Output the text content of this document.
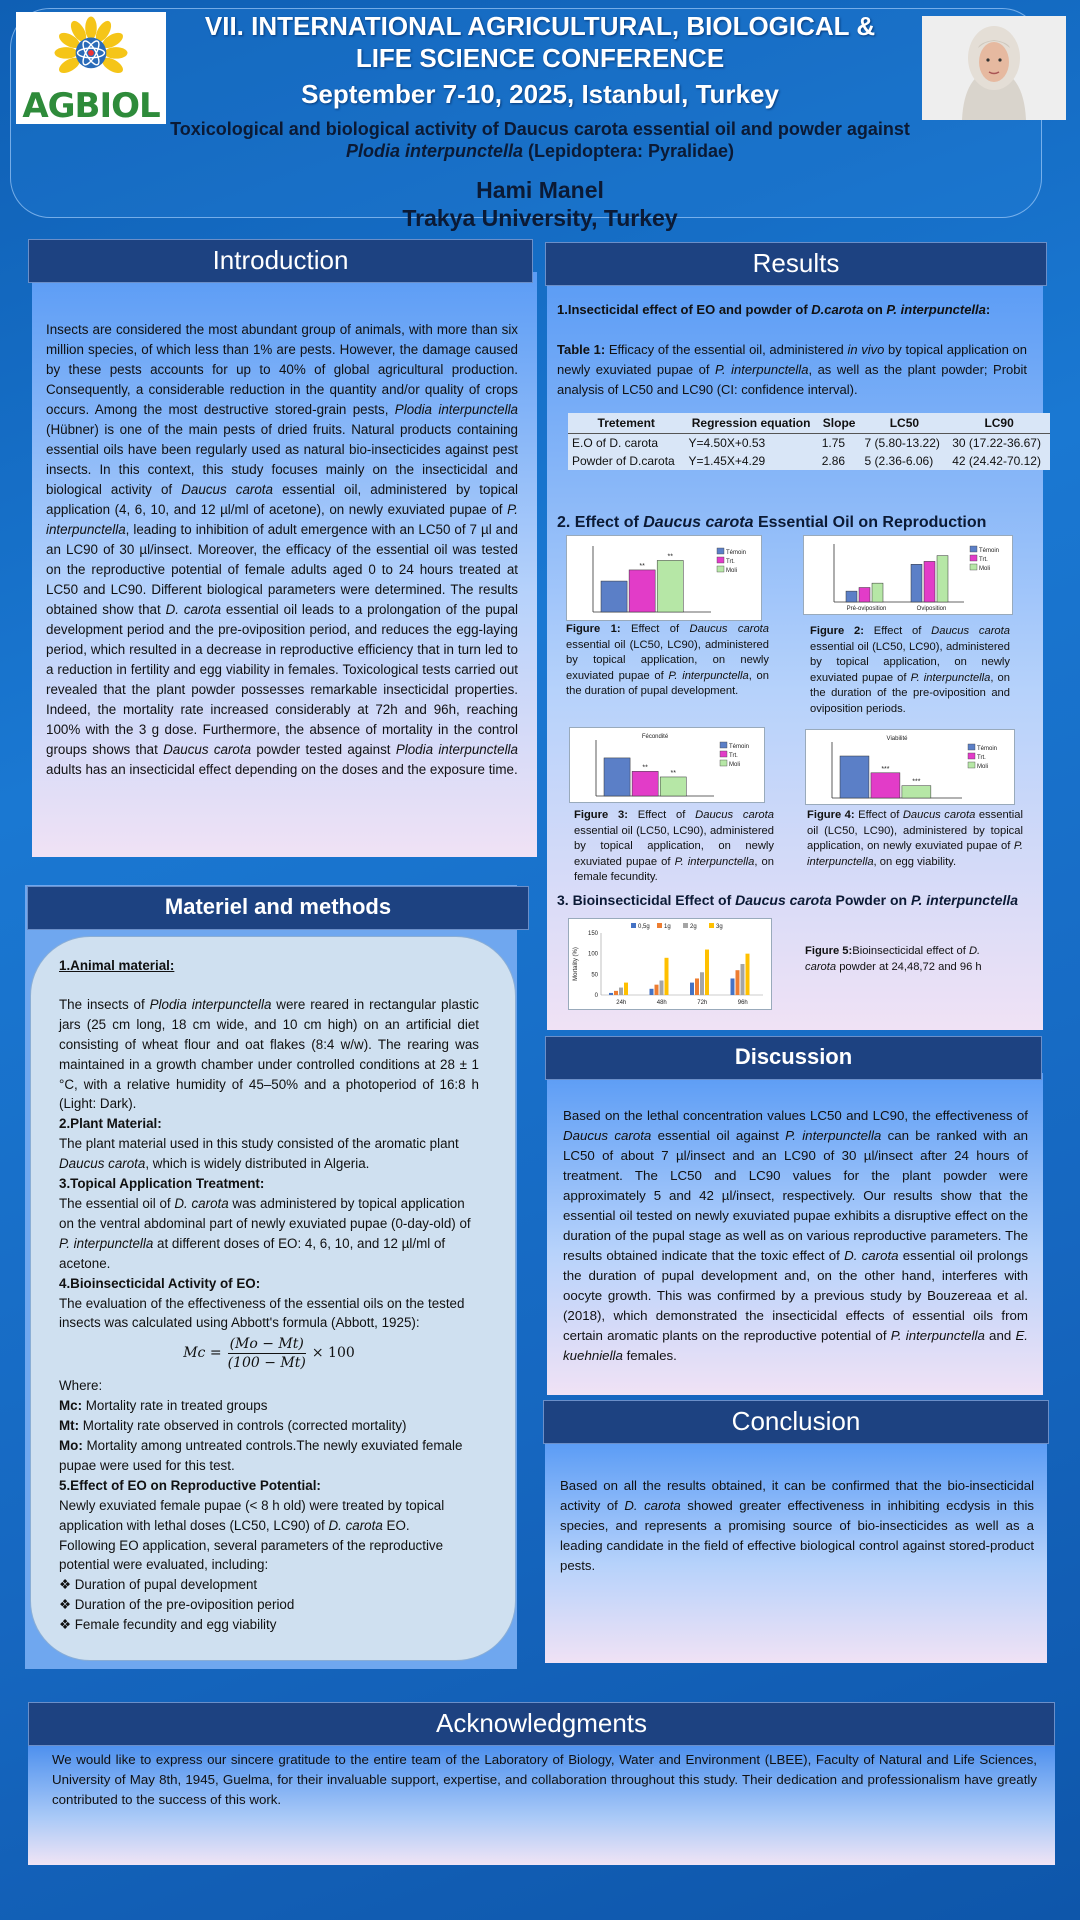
AGBIOL
VII. INTERNATIONAL AGRICULTURAL, BIOLOGICAL &
LIFE SCIENCE CONFERENCE
September 7-10, 2025, Istanbul, Turkey
Toxicological and biological activity of Daucus carota essential oil and powder against
Plodia interpunctella (Lepidoptera: Pyralidae)
Hami Manel
Trakya University, Turkey
Introduction
Insects are considered the most abundant group of animals, with more than six million species, of which less than 1% are pests. However, the damage caused by these pests accounts for up to 40% of global agricultural production. Consequently, a considerable reduction in the quantity and/or quality of crops occurs. Among the most destructive stored-grain pests, Plodia interpunctella (Hübner) is one of the main pests of dried fruits. Natural products containing essential oils have been regularly used as natural bio-insecticides against pest insects. In this context, this study focuses mainly on the insecticidal and biological activity of Daucus carota essential oil, administered by topical application (4, 6, 10, and 12 µl/ml of acetone), on newly exuviated pupae of P. interpunctella, leading to inhibition of adult emergence with an LC50 of 7 µl and an LC90 of 30 µl/insect. Moreover, the efficacy of the essential oil was tested on the reproductive potential of female adults aged 0 to 24 hours treated at LC50 and LC90. Different biological parameters were determined. The results obtained show that D. carota essential oil leads to a prolongation of the pupal development period and the pre-oviposition period, and reduces the egg-laying period, which resulted in a decrease in reproductive efficiency that in turn led to a reduction in fertility and egg viability in females. Toxicological tests carried out revealed that the plant powder possesses remarkable insecticidal properties. Indeed, the mortality rate increased considerably at 72h and 96h, reaching 100% with the 3 g dose. Furthermore, the absence of mortality in the control groups shows that Daucus carota powder tested against Plodia interpunctella adults has an insecticidal effect depending on the doses and the exposure time.
Materiel and methods
1.Animal material:
The insects of Plodia interpunctella were reared in rectangular plastic jars (25 cm long, 18 cm wide, and 10 cm high) on an artificial diet consisting of wheat flour and oat flakes (8:4 w/w). The rearing was maintained in a growth chamber under controlled conditions at 28 ± 1 °C, with a relative humidity of 45–50% and a photoperiod of 16:8 h (Light: Dark).
2.Plant Material:
The plant material used in this study consisted of the aromatic plant Daucus carota, which is widely distributed in Algeria.
3.Topical Application Treatment:
The essential oil of D. carota was administered by topical application on the ventral abdominal part of newly exuviated pupae (0-day-old) of P. interpunctella at different doses of EO: 4, 6, 10, and 12 µl/ml of acetone.
4.Bioinsecticidal Activity of EO:
The evaluation of the effectiveness of the essential oils on the tested insects was calculated using Abbott's formula (Abbott, 1925):
$Mc = \frac{(Mo - Mt)}{(100 - Mt)} \times 100$
Where:
Mc: Mortality rate in treated groups
Mt: Mortality rate observed in controls (corrected mortality)
Mo: Mortality among untreated controls.The newly exuviated female pupae were used for this test.
5.Effect of EO on Reproductive Potential:
Newly exuviated female pupae (< 8 h old) were treated by topical application with lethal doses (LC50, LC90) of D. carota EO.
Following EO application, several parameters of the reproductive potential were evaluated, including:
❖ Duration of pupal development
❖ Duration of the pre-oviposition period
❖ Female fecundity and egg viability
Results
1.Insecticidal effect of EO and powder of D.carota on P. interpunctella:
Table 1: Efficacy of the essential oil, administered in vivo by topical application on newly exuviated pupae of P. interpunctella, as well as the plant powder; Probit analysis of LC50 and LC90 (CI: confidence interval).
Tretement	Regression equation	Slope	LC50	LC90
E.O of D. carota	Y=4.50X+0.53	1.75	7 (5.80-13.22)	30 (17.22-36.67)
Powder of D.carota	Y=1.45X+4.29	2.86	5 (2.36-6.06)	42 (24.42-70.12)
2. Effect of Daucus carota Essential Oil on Reproduction
**
**
Témoin
Trt.
Moli
Pré-oviposition	Oviposition
Témoin
Trt.
Moli
Figure 1: Effect of Daucus carota essential oil (LC50, LC90), administered by topical application, on newly exuviated pupae of P. interpunctella, on the duration of pupal development.
Figure 2: Effect of Daucus carota essential oil (LC50, LC90), administered by topical application, on newly exuviated pupae of P. interpunctella, on the duration of the pre-oviposition and oviposition periods.
**
**
Fécondité
Témoin
Trt.
Moli
***
***
Viabilité
Témoin
Trt.
Moli
Figure 3: Effect of Daucus carota essential oil (LC50, LC90), administered by topical application, on newly exuviated pupae of P. interpunctella, on female fecundity.
Figure 4: Effect of Daucus carota essential oil (LC50, LC90), administered by topical application, on newly exuviated pupae of P. interpunctella, on egg viability.
3. Bioinsecticidal Effect of Daucus carota Powder on P. interpunctella
0
50
100
150
Mortality (%)
24h	48h	72h	96h
0,5g 1g	2g	3g
Figure 5:Bioinsecticidal effect of D. carota powder at 24,48,72 and 96 h
Discussion
Based on the lethal concentration values LC50 and LC90, the effectiveness of Daucus carota essential oil against P. interpunctella can be ranked with an LC50 of about 7 µl/insect and an LC90 of 30 µl/insect after 24 hours of treatment. The LC50 and LC90 values for the plant powder were approximately 5 and 42 µl/insect, respectively. Our results show that the essential oil tested on newly exuviated pupae exhibits a disruptive effect on the duration of the pupal stage as well as on various reproductive parameters. The results obtained indicate that the toxic effect of D. carota essential oil prolongs the duration of pupal development and, on the other hand, interferes with oocyte growth. This was confirmed by a previous study by Bouzereaa et al. (2018), which demonstrated the insecticidal effects of essential oils from certain aromatic plants on the reproductive potential of P. interpunctella and E. kuehniella females.
Conclusion
Based on all the results obtained, it can be confirmed that the bio-insecticidal activity of D. carota showed greater effectiveness in inhibiting ecdysis in this species, and represents a promising source of bio-insecticides as well as a leading candidate in the field of effective biological control against stored-product pests.
Acknowledgments
We would like to express our sincere gratitude to the entire team of the Laboratory of Biology, Water and Environment (LBEE), Faculty of Natural and Life Sciences, University of May 8th, 1945, Guelma, for their invaluable support, expertise, and collaboration throughout this study. Their dedication and professionalism have greatly contributed to the success of this work.
